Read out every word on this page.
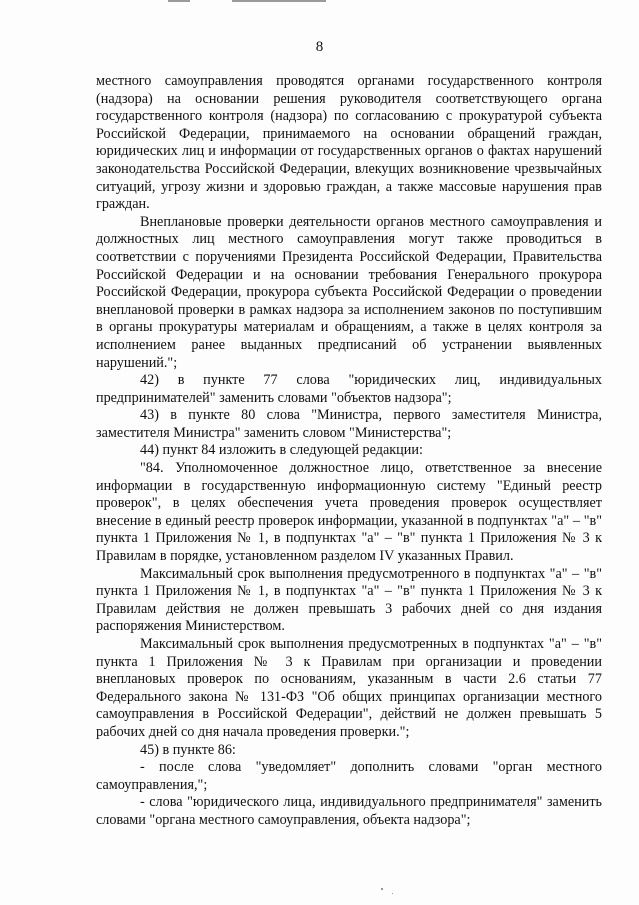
8

местного самоуправления проводятся органами государственного контроля (надзора) на основании решения руководителя соответствующего органа государственного контроля (надзора) по согласованию с прокуратурой субъекта Российской Федерации, принимаемого на основании обращений граждан, юридических лиц и информации от государственных органов о фактах нарушений законодательства Российской Федерации, влекущих возникновение чрезвычайных ситуаций, угрозу жизни и здоровью граждан, а также массовые нарушения прав граждан.

Внеплановые проверки деятельности органов местного самоуправления и должностных лиц местного самоуправления могут также проводиться в соответствии с поручениями Президента Российской Федерации, Правительства Российской Федерации и на основании требования Генерального прокурора Российской Федерации, прокурора субъекта Российской Федерации о проведении внеплановой проверки в рамках надзора за исполнением законов по поступившим в органы прокуратуры материалам и обращениям, а также в целях контроля за исполнением ранее выданных предписаний об устранении выявленных нарушений.";

42) в пункте 77 слова "юридических лиц, индивидуальных предпринимателей" заменить словами "объектов надзора";

43) в пункте 80 слова "Министра, первого заместителя Министра, заместителя Министра" заменить словом "Министерства";

44) пункт 84 изложить в следующей редакции:

"84. Уполномоченное должностное лицо, ответственное за внесение информации в государственную информационную систему "Единый реестр проверок", в целях обеспечения учета проведения проверок осуществляет внесение в единый реестр проверок информации, указанной в подпунктах "а" – "в" пункта 1 Приложения № 1, в подпунктах "а" – "в" пункта 1 Приложения № 3 к Правилам в порядке, установленном разделом IV указанных Правил.

Максимальный срок выполнения предусмотренного в подпунктах "а" – "в" пункта 1 Приложения № 1, в подпунктах "а" – "в" пункта 1 Приложения № 3 к Правилам действия не должен превышать 3 рабочих дней со дня издания распоряжения Министерством.

Максимальный срок выполнения предусмотренных в подпунктах "а" – "в" пункта 1 Приложения № 3 к Правилам при организации и проведении внеплановых проверок по основаниям, указанным в части 2.6 статьи 77 Федерального закона № 131-ФЗ "Об общих принципах организации местного самоуправления в Российской Федерации", действий не должен превышать 5 рабочих дней со дня начала проведения проверки.";

45) в пункте 86:

- после слова "уведомляет" дополнить словами "орган местного самоуправления,";

- слова "юридического лица, индивидуального предпринимателя" заменить словами "органа местного самоуправления, объекта надзора";
